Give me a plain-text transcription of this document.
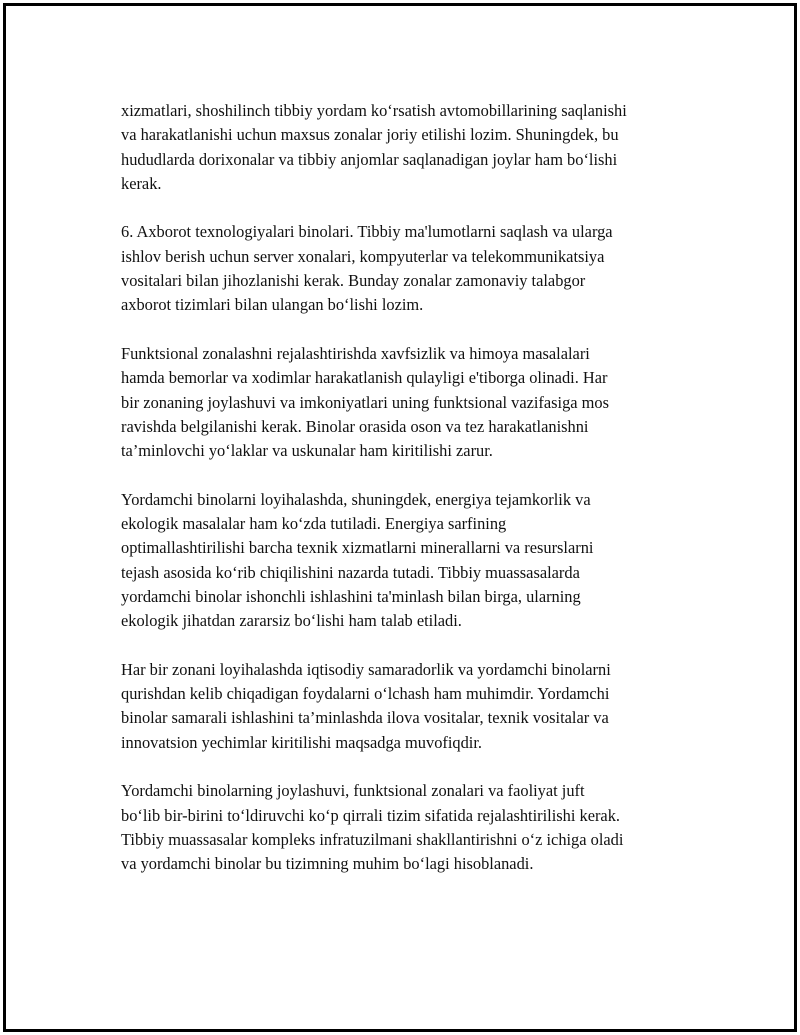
xizmatlari, shoshilinch tibbiy yordam koʻrsatish avtomobillarining saqlanishi
va harakatlanishi uchun maxsus zonalar joriy etilishi lozim. Shuningdek, bu
hududlarda dorixonalar va tibbiy anjomlar saqlanadigan joylar ham boʻlishi
kerak.

6. Axborot texnologiyalari binolari. Tibbiy ma'lumotlarni saqlash va ularga
ishlov berish uchun server xonalari, kompyuterlar va telekommunikatsiya
vositalari bilan jihozlanishi kerak. Bunday zonalar zamonaviy talabgor
axborot tizimlari bilan ulangan boʻlishi lozim.

Funktsional zonalashni rejalashtirishda xavfsizlik va himoya masalalari
hamda bemorlar va xodimlar harakatlanish qulayligi e'tiborga olinadi. Har
bir zonaning joylashuvi va imkoniyatlari uning funktsional vazifasiga mos
ravishda belgilanishi kerak. Binolar orasida oson va tez harakatlanishni
ta’minlovchi yoʻlaklar va uskunalar ham kiritilishi zarur.

Yordamchi binolarni loyihalashda, shuningdek, energiya tejamkorlik va
ekologik masalalar ham koʻzda tutiladi. Energiya sarfining
optimallashtirilishi barcha texnik xizmatlarni minerallarni va resurslarni
tejash asosida koʻrib chiqilishini nazarda tutadi. Tibbiy muassasalarda
yordamchi binolar ishonchli ishlashini ta'minlash bilan birga, ularning
ekologik jihatdan zararsiz boʻlishi ham talab etiladi.

Har bir zonani loyihalashda iqtisodiy samaradorlik va yordamchi binolarni
qurishdan kelib chiqadigan foydalarni oʻlchash ham muhimdir. Yordamchi
binolar samarali ishlashini ta’minlashda ilova vositalar, texnik vositalar va
innovatsion yechimlar kiritilishi maqsadga muvofiqdir.

Yordamchi binolarning joylashuvi, funktsional zonalari va faoliyat juft
boʻlib bir-birini toʻldiruvchi koʻp qirrali tizim sifatida rejalashtirilishi kerak.
Tibbiy muassasalar kompleks infratuzilmani shakllantirishni oʻz ichiga oladi
va yordamchi binolar bu tizimning muhim boʻlagi hisoblanadi.
